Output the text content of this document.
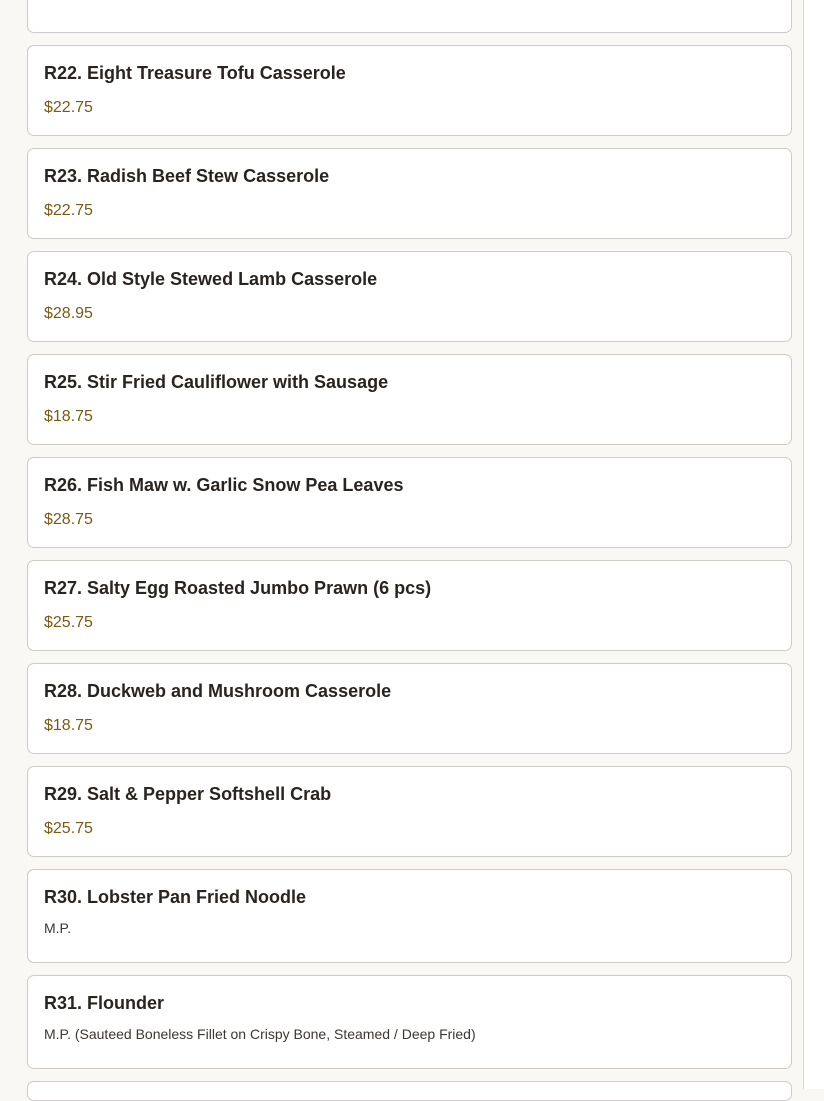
R22. Eight Treasure Tofu Casserole
$22.75
R23. Radish Beef Stew Casserole
$22.75
R24. Old Style Stewed Lamb Casserole
$28.95
R25. Stir Fried Cauliflower with Sausage
$18.75
R26. Fish Maw w. Garlic Snow Pea Leaves
$28.75
R27. Salty Egg Roasted Jumbo Prawn (6 pcs)
$25.75
R28. Duckweb and Mushroom Casserole
$18.75
R29. Salt & Pepper Softshell Crab
$25.75
R30. Lobster Pan Fried Noodle
M.P.
R31. Flounder
M.P. (Sauteed Boneless Fillet on Crispy Bone, Steamed / Deep Fried)
